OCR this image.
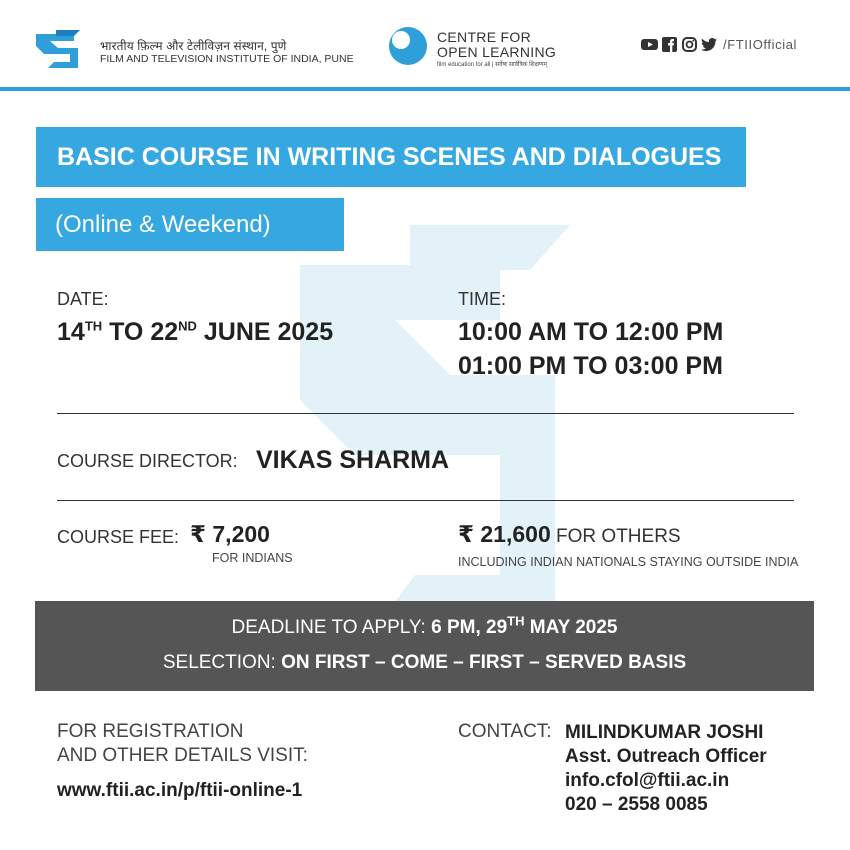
भारतीय फ़िल्म और टेलीविज़न संस्थान, पुणे
FILM AND TELEVISION INSTITUTE OF INDIA, PUNE
CENTRE FOR
OPEN LEARNING
film education for all | सर्वेषः सार्वत्रिक शिक्षणम्
/FTIIOfficial
BASIC COURSE IN WRITING SCENES AND DIALOGUES
(Online & Weekend)
DATE:
14TH TO 22ND JUNE 2025
TIME:
10:00 AM TO 12:00 PM
01:00 PM TO 03:00 PM
COURSE DIRECTOR: VIKAS SHARMA
COURSE FEE: ₹ 7,200
FOR INDIANS
₹ 21,600 FOR OTHERS
INCLUDING INDIAN NATIONALS STAYING OUTSIDE INDIA
DEADLINE TO APPLY: 6 PM, 29TH MAY 2025
SELECTION: ON FIRST – COME – FIRST – SERVED BASIS
FOR REGISTRATION
AND OTHER DETAILS VISIT:
www.ftii.ac.in/p/ftii-online-1
CONTACT: MILINDKUMAR JOSHI
Asst. Outreach Officer
info.cfol@ftii.ac.in
020 – 2558 0085
